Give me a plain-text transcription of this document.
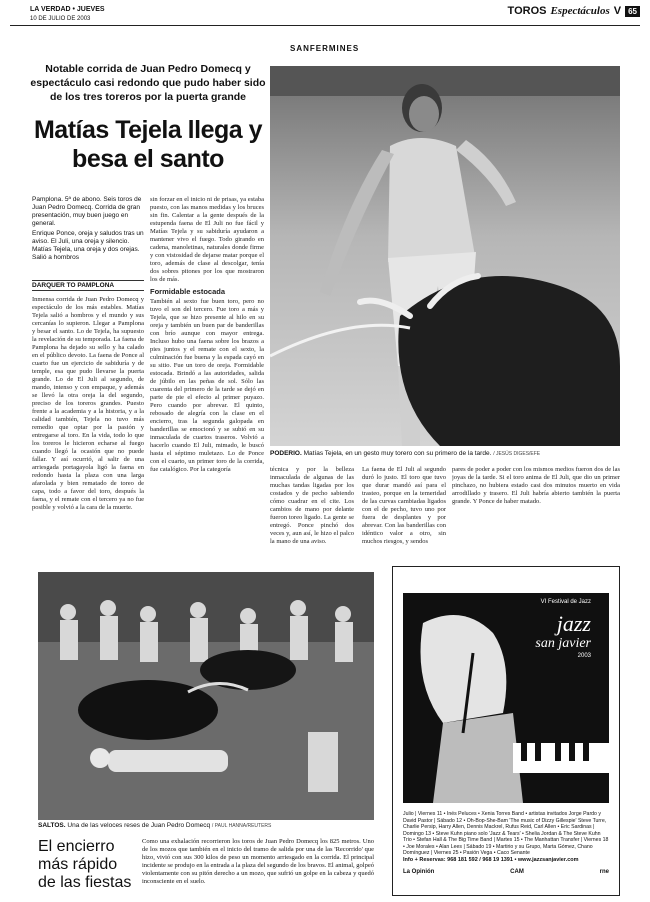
LA VERDAD • JUEVES
10 DE JULIO DE 2003
TOROS Espectáculos V 65
SANFERMINES
Notable corrida de Juan Pedro Domecq y espectáculo casi redondo que pudo haber sido de los tres toreros por la puerta grande
Matías Tejela llega y besa el santo

Pamplona. 5ª de abono. Seis toros de Juan Pedro Domecq. Corrida de gran presentación, muy buen juego en general.

Enrique Ponce, oreja y saludos tras un aviso. El Juli, una oreja y silencio. Matías Tejela, una oreja y dos orejas. Salió a hombros

DARQUER TO PAMPLONA
Inmensa corrida de Juan Pedro Domecq y espectáculo de los más estables. Matías Tejela salió a hombros y el mundo y sus cercanías lo supieron. Llegar a Pamplona y besar el santo. Lo de Tejela, ha supuesto la revelación de su temporada. La faena de Pamplona ha dejado su sello y ha calado en el público devoto. La faena de Ponce al cuarto fue un ejercicio de sabiduría y de temple, esa que pudo llevarse la puerta grande. Lo de El Juli al segundo, de mando, intenso y con empaque, y además se llevó la otra oreja la del segundo, preciso de los toreros grandes. Puesto frente a la academia y a la historia, y a la calidad también, Tejela no tuvo más remedio que optar por la pasión y entregarse al toro. En la vida, todo lo que los toreros le hicieron echarse al fuego cuando llegó la ocasión que no puede fallar. Y así ocurrió, al salir de una arriesgada portagayola ligó la faena en redondo hasta la plaza con una larga afarolada y bien rematado de toreo de capa, todo a favor del toro, después la faena, y el remate con el tercero ya no fue posible y volvió a la cara de la muerte.
sin forzar en el inicio ni de prisas, ya estaba puesto, con las manos medidas y los bruces sin fin. Calentar a la gente después de la estupenda faena de El Juli no fue fácil y Matías Tejela y su sabiduría ayudaron a mantener vivo el fuego. Todo girando en cadena, manoletinas, naturales donde firme y con vistosidad de dejarse matar porque el toro, además de clase al descolgar, tenía dos sobres pitones por los que mostraron los de más.
Formidable estocada
También al sexto fue buen toro, pero no tuvo el son del tercero. Fue toro a más y Tejela, que se hizo presente al hilo en su oreja y también un buen par de banderillas con brío aunque con mayor entrega. Incluso hubo una faena sobre los brazos a pies juntos y el remate con el sexto, la culminación fue buena y la espada cayó en su sitio. Fue un toro de oreja. Formidable estocada. Brindó a las autoridades, salida de júbilo en las peñas de sol. Sólo las cuarenta del primero de la tarde se dejó en parte de pie el efecto al primer puyazo. Pero cuando por abrevar. El quinto, rebosado de alegría con la clase en el encierro, tras la segunda galopada en banderillas se emocionó y se subió en su inmaculada de cuartos traseros. Volvió a hacerlo cuando El Juli, mimado, le buscó hasta el séptimo muletazo. Lo de Ponce con el cuarto, un primer toro de la corrida, fue catalógico. Por la categoría
PODERIO. Matías Tejela, en un gesto muy torero con su primero de la tarde. / JESÚS DIGES/EFE
técnica y por la belleza inmaculada de algunas de las muchas tandas ligadas por los costados y de pecho sabiendo cómo cuadrar en el cite. Los cambios de mano por delante fueron toreo ligado. La gente se entregó. Ponce pinchó dos veces y, aun así, le hizo el palco la mano de una aviso.
La faena de El Juli al segundo duró lo justo. El toro que tuvo que durar mandó así para el trasteo, porque en la temeridad de las curvas cambiadas ligados con el de pecho, tuvo uno por fuera de desplantes y por abrevar. Con las banderillas con idéntico valor a otro, sin muchos riesgos, y sendos
pares de poder a poder con los mismos medios fueron dos de las joyas de la tarde. Si el toro anima de El Juli, que dio un primer pinchazo, no hubiera estado casi dos minutos muerto en vida arrodillado y trasero. El Juli habría abierto también la puerta grande. Y Ponce de haber matado.
SALTOS. Una de las veloces reses de Juan Pedro Domecq / PAUL HANNA/REUTERS
El encierro más rápido de las fiestas
Como una exhalación recorrieron los toros de Juan Pedro Domecq los 825 metros. Uno de los mozos que también en el inicio del tramo de salida por una de las 'Recorrido' que hizo, vivió con sus 300 kilos de peso un momento arriesgado en la corrida. El principal incidente se produjo en la entrada a la plaza del segundo de los bravos. El animal, golpeó violentamente con su pitón derecho a un mozo, que sufrió un golpe en la cabeza y quedó inconsciente en el suelo.
VI Festival de Jazz
jazz
san javier
2003
Julio | Viernes 11 • Inés Peluces • Xenia Torres Band • artistas invitados Jorge Pardo y David Pastor | Sábado 12 • Oh-Bop-She-Bam 'The music of Dizzy Gillespie' Steve Turre, Charlie Persip, Harry Allen, Dennis Mackrel, Rufus Reid, Carl Allen • Eric Sardinas | Domingo 13 • Steve Kuhn piano solo 'Jazz & Tears' • Shelia Jordan & The Steve Kuhn Trio • Stefan Hall & The Big Time Band | Martes 15 • The Manhattan Transfer | Viernes 18 • Joe Morales • Alan Lees | Sábado 19 • Martirio y su Grupo, Marta Gómez, Chano Domínguez | Viernes 25 • Pasión Vega • Caco Senante
Info + Reservas: 968 181 592 / 968 19 1391 • www.jazzsanjavier.com
La Opinión	CAM	rne
